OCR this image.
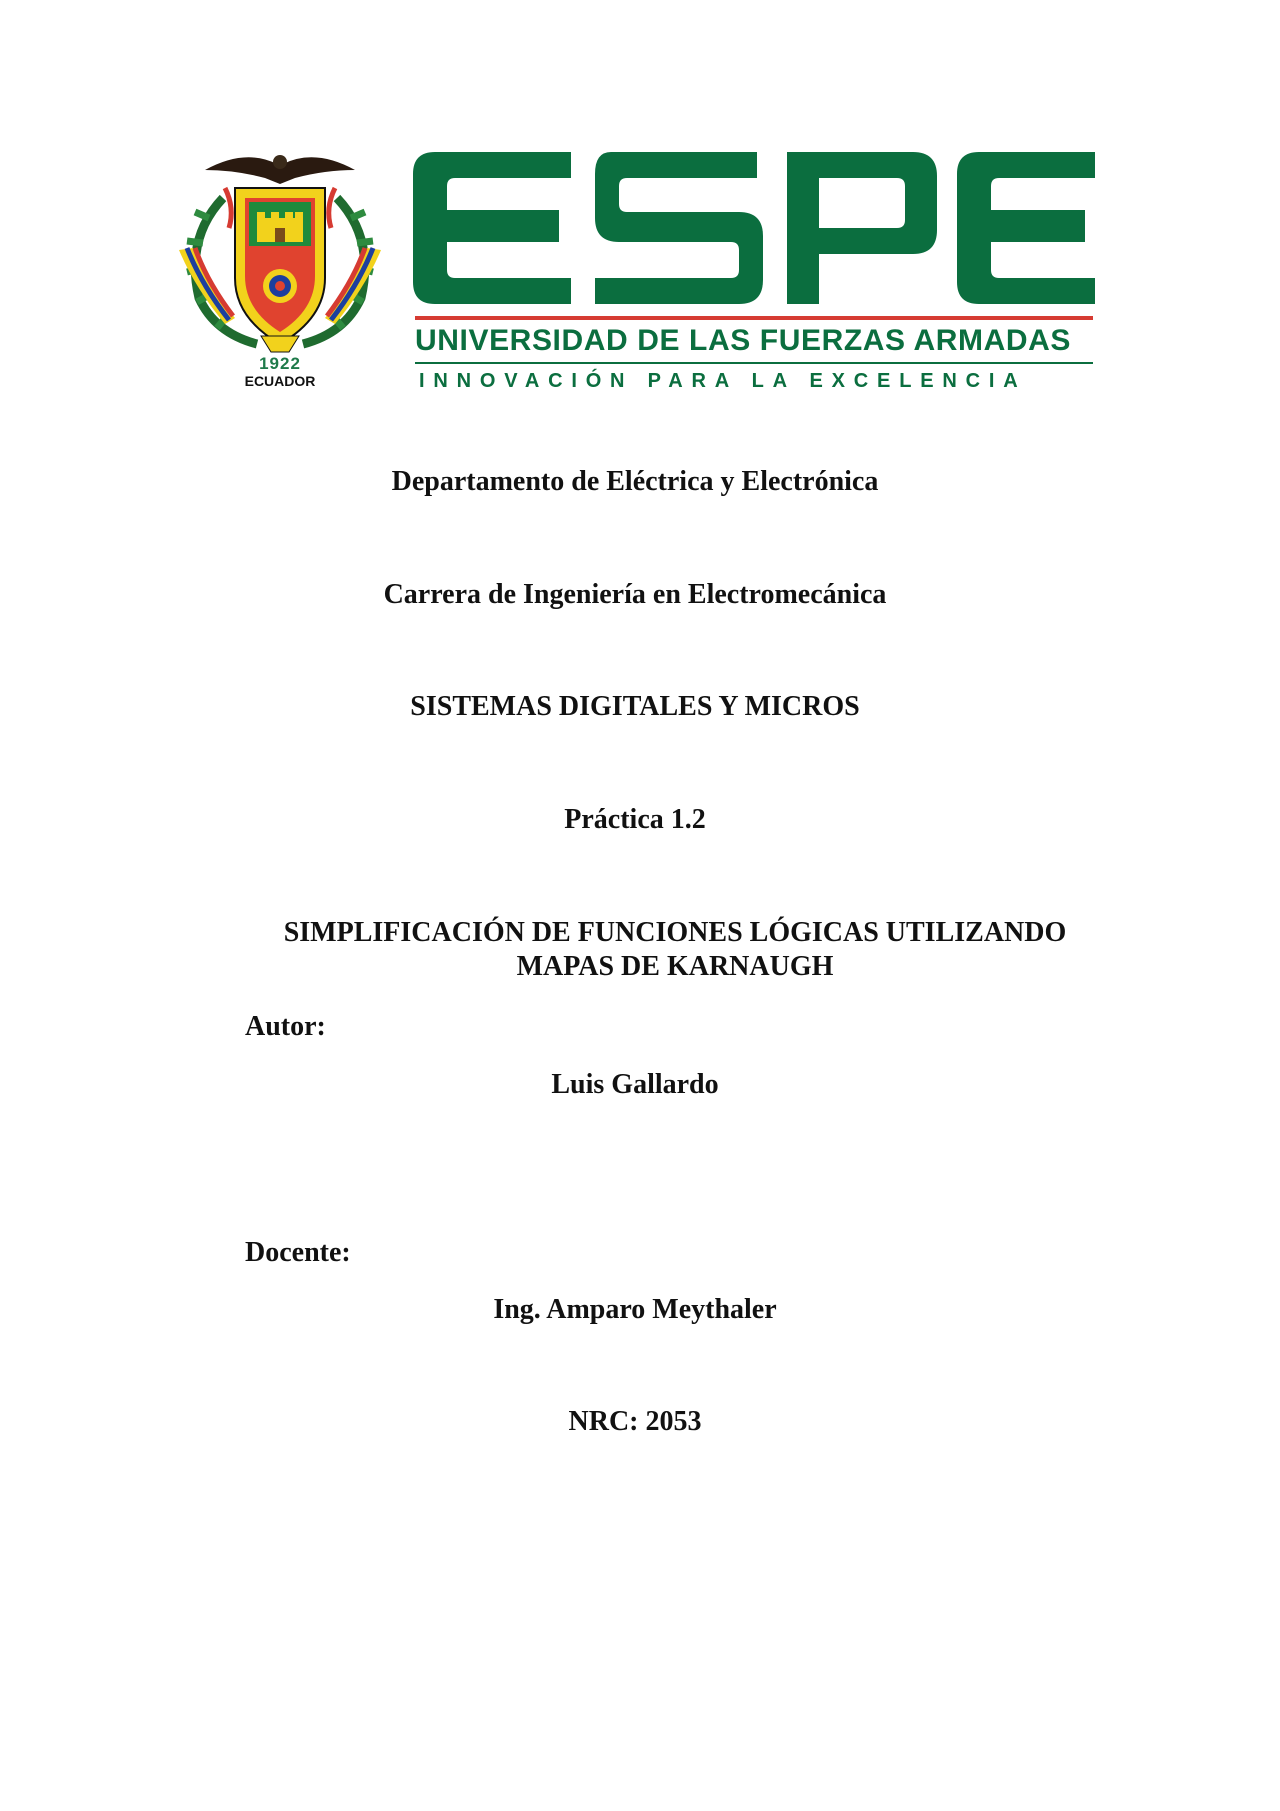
1922
ECUADOR
UNIVERSIDAD DE LAS FUERZAS ARMADAS
INNOVACIÓN PARA LA EXCELENCIA
Departamento de Eléctrica y Electrónica
Carrera de Ingeniería en Electromecánica
SISTEMAS DIGITALES Y MICROS
Práctica 1.2
SIMPLIFICACIÓN DE FUNCIONES LÓGICAS UTILIZANDO
MAPAS DE KARNAUGH
Autor:
Luis Gallardo
Docente:
Ing. Amparo Meythaler
NRC: 2053
